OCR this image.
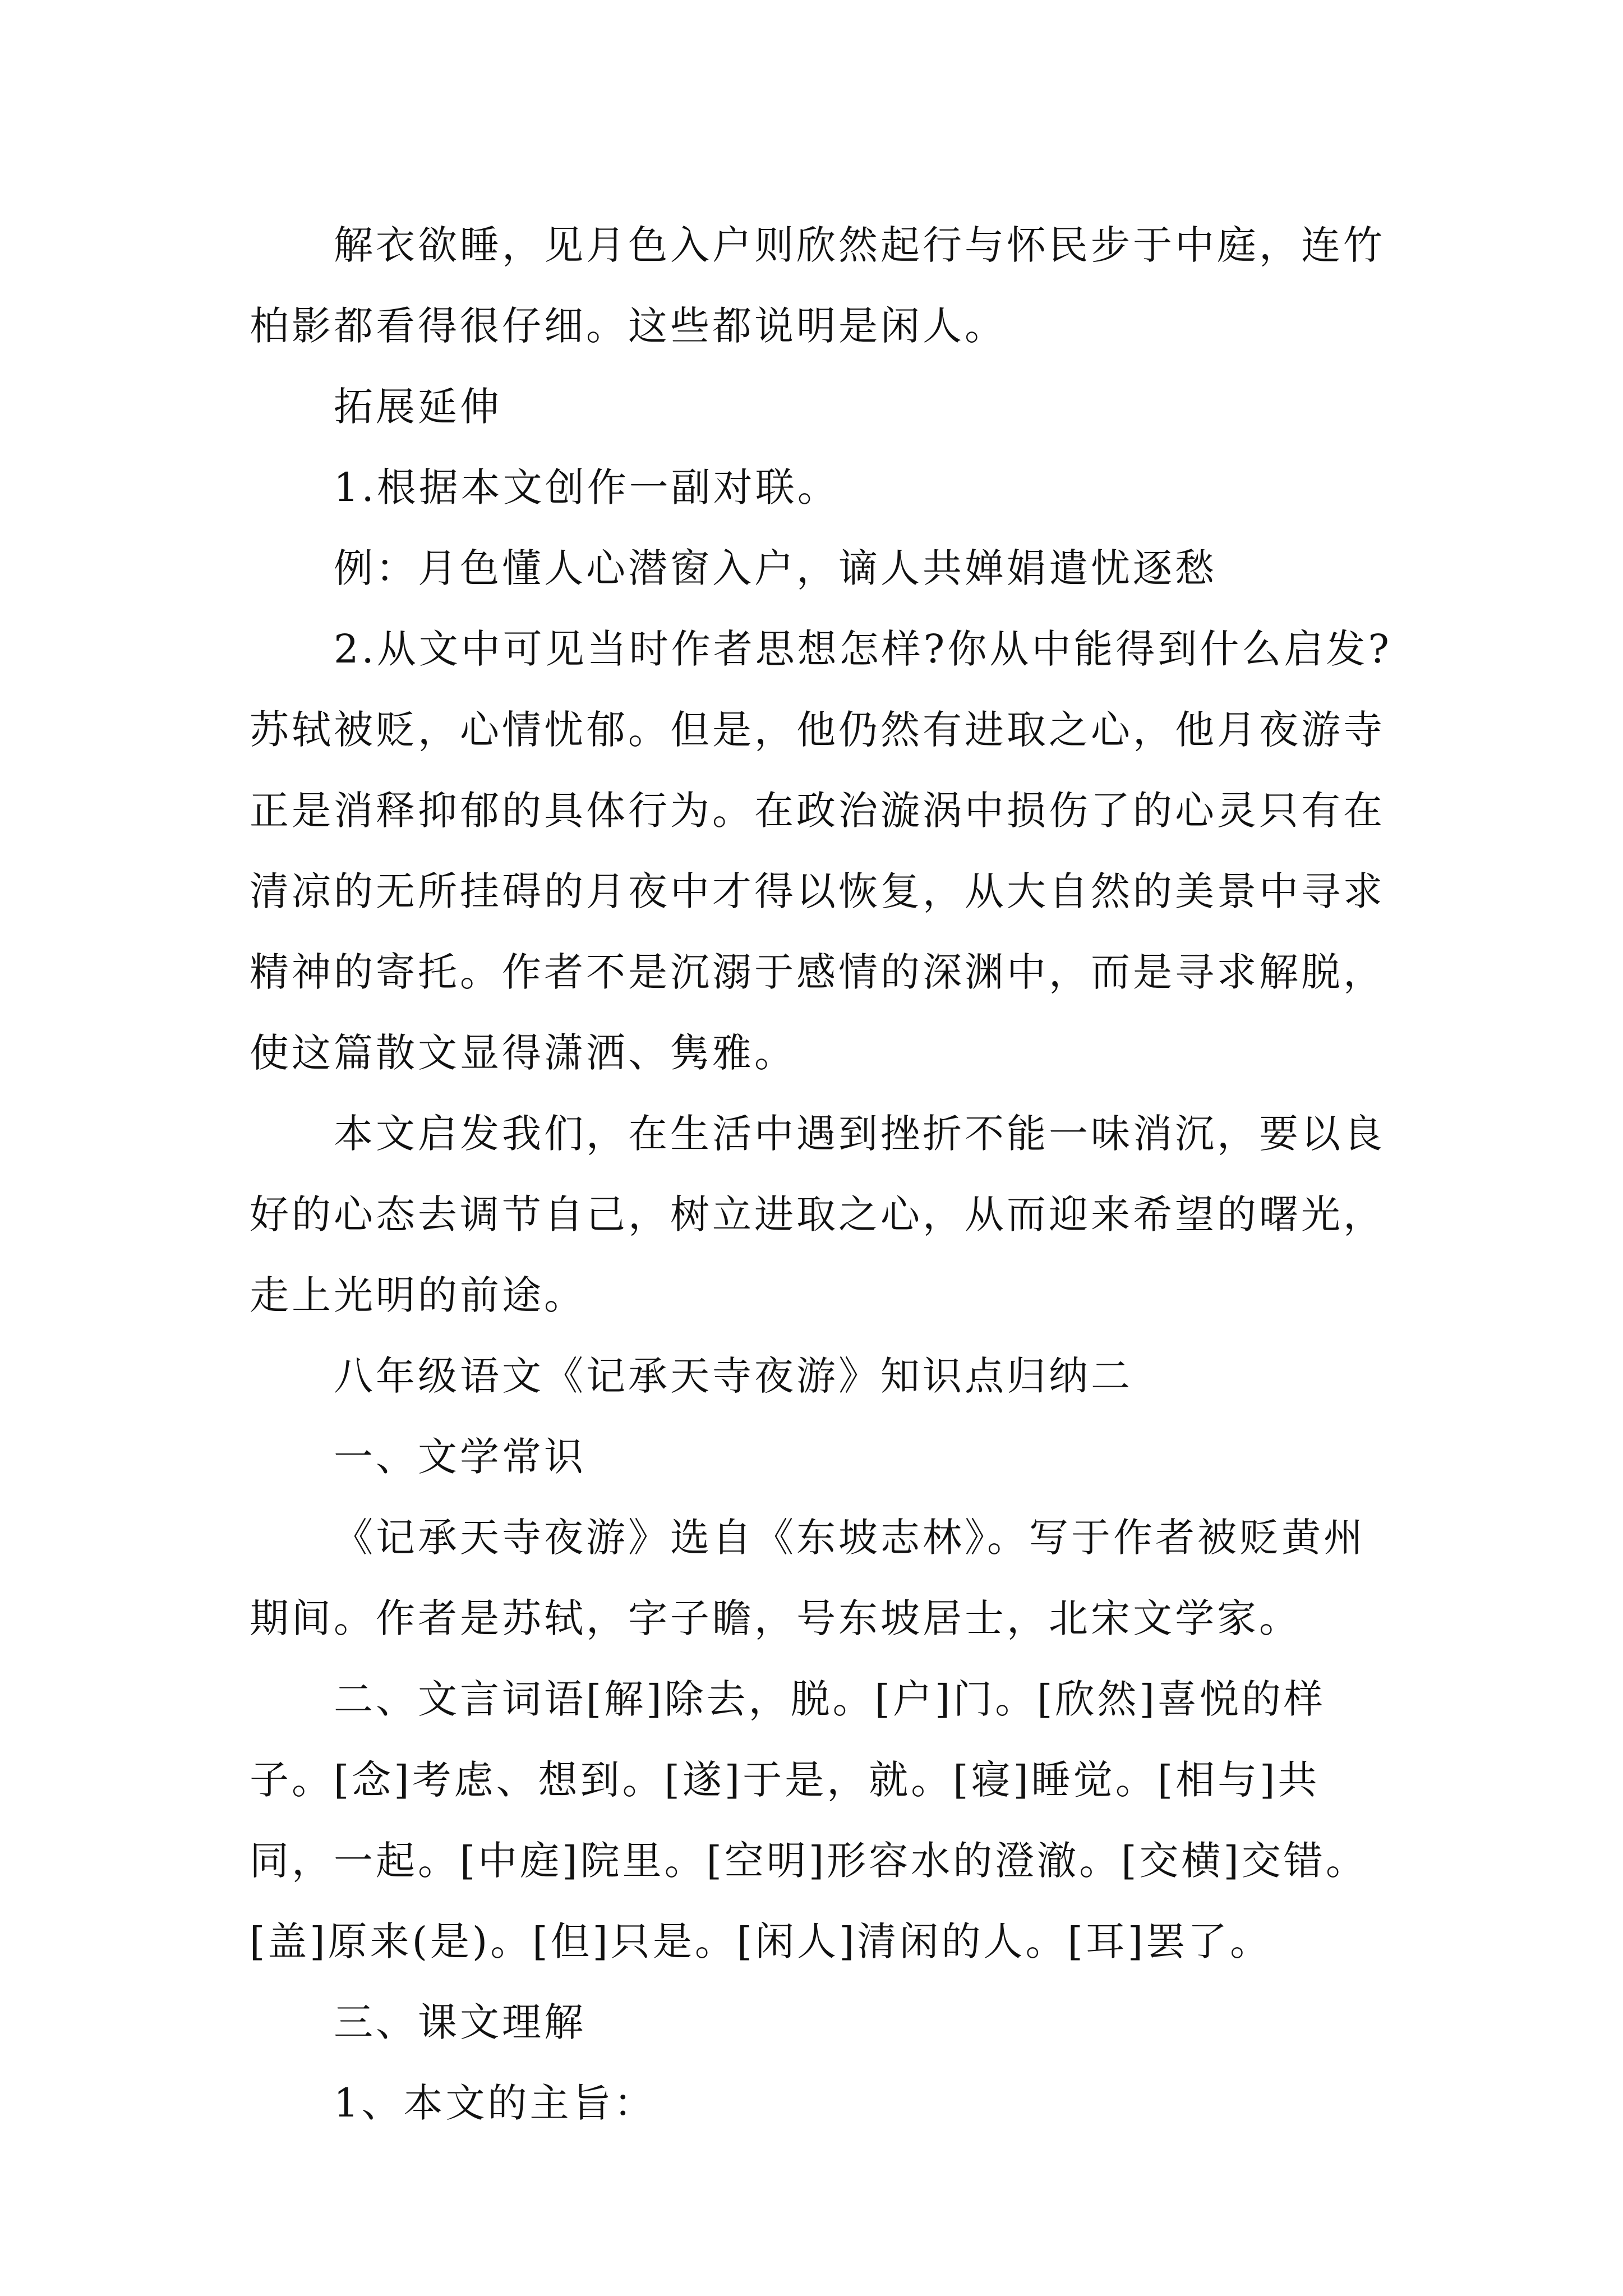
解衣欲睡，见月色入户则欣然起行与怀民步于中庭，连竹柏影都看得很仔细。这些都说明是闲人。

拓展延伸

1.根据本文创作一副对联。

例：月色懂人心潜窗入户，谪人共婵娟遣忧逐愁

2.从文中可见当时作者思想怎样?你从中能得到什么启发? 苏轼被贬，心情忧郁。但是，他仍然有进取之心，他月夜游寺正是消释抑郁的具体行为。在政治漩涡中损伤了的心灵只有在清凉的无所挂碍的月夜中才得以恢复，从大自然的美景中寻求精神的寄托。作者不是沉溺于感情的深渊中，而是寻求解脱，使这篇散文显得潇洒、隽雅。

本文启发我们，在生活中遇到挫折不能一味消沉，要以良好的心态去调节自己，树立进取之心，从而迎来希望的曙光，走上光明的前途。

八年级语文《记承天寺夜游》知识点归纳二

一、文学常识

《记承天寺夜游》选自《东坡志林》。写于作者被贬黄州期间。作者是苏轼，字子瞻，号东坡居士，北宋文学家。

二、文言词语[解]除去，脱。[户]门。[欣然]喜悦的样子。[念]考虑、想到。[遂]于是，就。[寝]睡觉。[相与]共同，一起。[中庭]院里。[空明]形容水的澄澈。[交横]交错。[盖]原来(是)。[但]只是。[闲人]清闲的人。[耳]罢了。

三、课文理解

1、本文的主旨：
